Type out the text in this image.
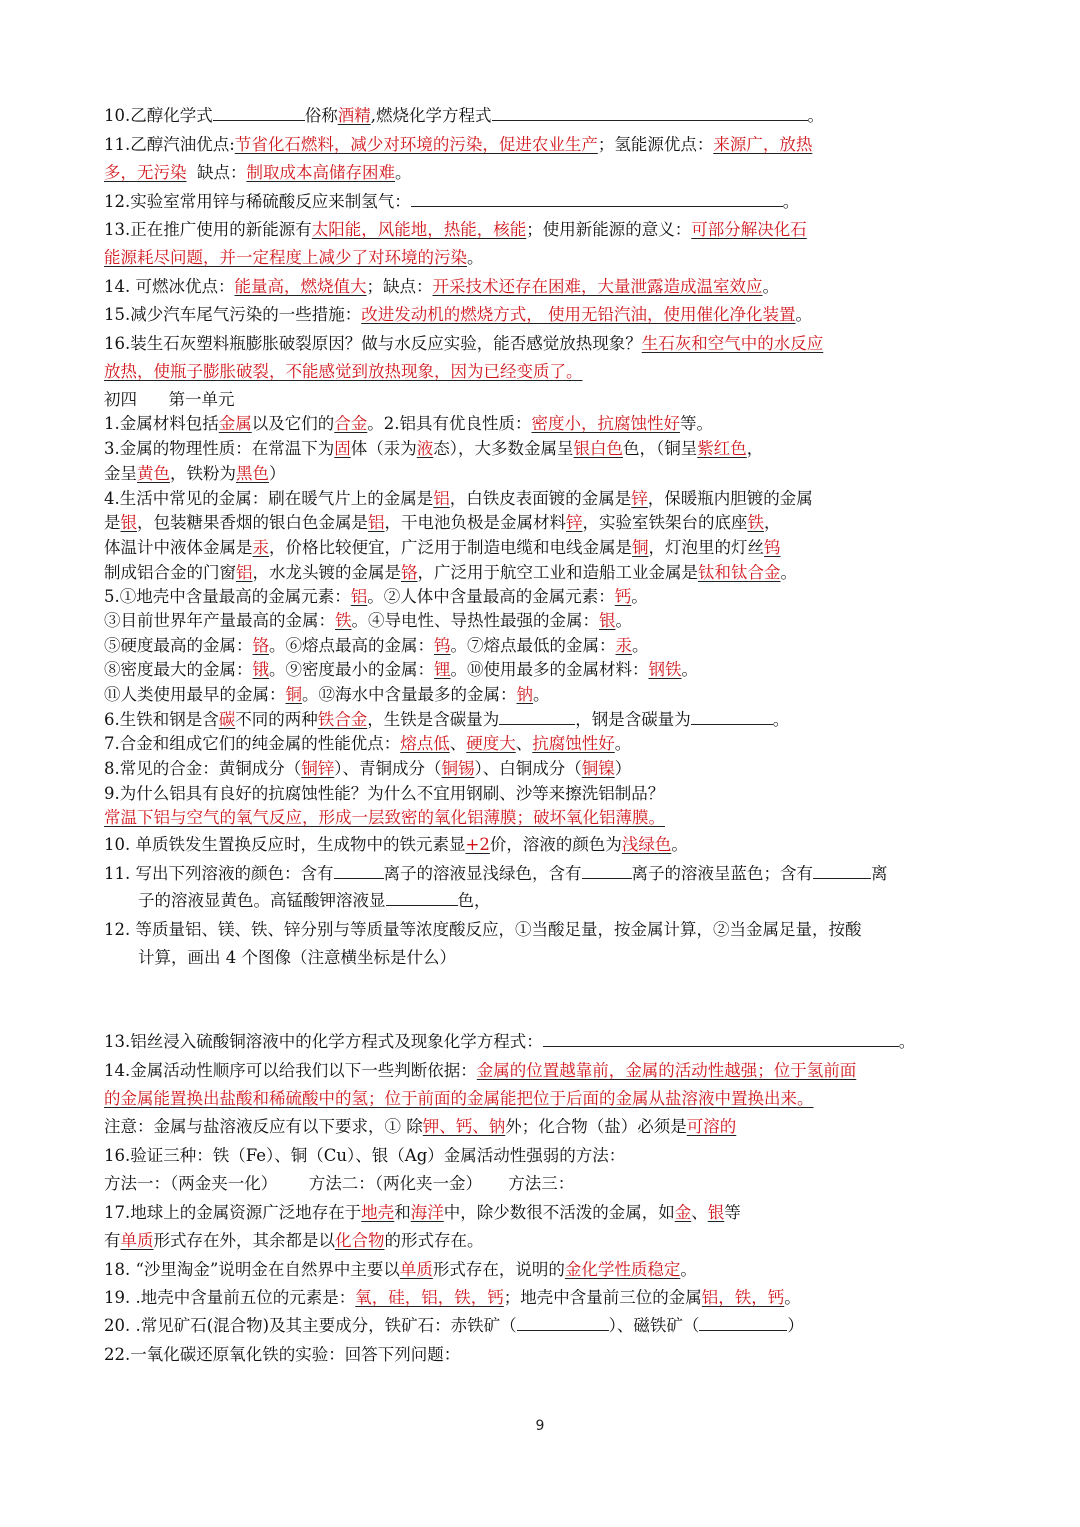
10.乙醇化学式	俗称酒精,燃烧化学方程式	。
11.乙醇汽油优点:节省化石燃料，减少对环境的污染，促进农业生产；氢能源优点：来源广，放热
多，无污染 缺点：制取成本高储存困难。
12.实验室常用锌与稀硫酸反应来制氢气：	。
13.正在推广使用的新能源有太阳能，风能地，热能，核能；使用新能源的意义：可部分解决化石
能源耗尽问题，并一定程度上减少了对环境的污染。
14. 可燃冰优点：能量高，燃烧值大；缺点：开采技术还存在困难，大量泄露造成温室效应。
15.减少汽车尾气污染的一些措施：改进发动机的燃烧方式， 使用无铅汽油，使用催化净化装置。
16.装生石灰塑料瓶膨胀破裂原因？做与水反应实验，能否感觉放热现象？生石灰和空气中的水反应
放热，使瓶子膨胀破裂，不能感觉到放热现象，因为已经变质了。
初四 第一单元
1.金属材料包括金属以及它们的合金。2.铝具有优良性质：密度小，抗腐蚀性好等。
3.金属的物理性质：在常温下为固体（汞为液态），大多数金属呈银白色色，（铜呈紫红色，
金呈黄色，铁粉为黑色）
4.生活中常见的金属：刷在暖气片上的金属是铝，白铁皮表面镀的金属是锌，保暖瓶内胆镀的金属
是银，包装糖果香烟的银白色金属是铝，干电池负极是金属材料锌，实验室铁架台的底座铁，
体温计中液体金属是汞，价格比较便宜，广泛用于制造电缆和电线金属是铜，灯泡里的灯丝钨
制成铝合金的门窗铝，水龙头镀的金属是铬，广泛用于航空工业和造船工业金属是钛和钛合金。
5.①地壳中含量最高的金属元素：铝。②人体中含量最高的金属元素：钙。
③目前世界年产量最高的金属：铁。④导电性、导热性最强的金属：银。
⑤硬度最高的金属：铬。⑥熔点最高的金属：钨。⑦熔点最低的金属：汞。
⑧密度最大的金属：锇。⑨密度最小的金属：锂。⑩使用最多的金属材料：钢铁。
⑪人类使用最早的金属：铜。⑫海水中含量最多的金属：钠。
6.生铁和钢是含碳不同的两种铁合金，生铁是含碳量为	，钢是含碳量为	。
7.合金和组成它们的纯金属的性能优点：熔点低、硬度大、抗腐蚀性好。
8.常见的合金：黄铜成分（铜锌）、青铜成分（铜锡）、白铜成分（铜镍）
9.为什么铝具有良好的抗腐蚀性能？为什么不宜用钢刷、沙等来擦洗铝制品？
常温下铝与空气的氧气反应，形成一层致密的氧化铝薄膜；破坏氧化铝薄膜。
10. 单质铁发生置换反应时，生成物中的铁元素显+2价，溶液的颜色为浅绿色。
11. 写出下列溶液的颜色：含有	离子的溶液显浅绿色，含有	离子的溶液呈蓝色；含有	离
子的溶液显黄色。高锰酸钾溶液显	色，
12. 等质量铝、镁、铁、锌分别与等质量等浓度酸反应，①当酸足量，按金属计算，②当金属足量，按酸
计算，画出 4 个图像（注意横坐标是什么）
13.铝丝浸入硫酸铜溶液中的化学方程式及现象化学方程式：	。
14.金属活动性顺序可以给我们以下一些判断依据：金属的位置越靠前，金属的活动性越强；位于氢前面
的金属能置换出盐酸和稀硫酸中的氢；位于前面的金属能把位于后面的金属从盐溶液中置换出来。
注意：金属与盐溶液反应有以下要求，① 除钾、钙、钠外；化合物（盐）必须是可溶的
16.验证三种：铁（Fe）、铜（Cu）、银（Ag）金属活动性强弱的方法：
方法一：（两金夹一化） 方法二：（两化夹一金） 方法三：
17.地球上的金属资源广泛地存在于地壳和海洋中，除少数很不活泼的金属，如金、银等
有单质形式存在外，其余都是以化合物的形式存在。
18. “沙里淘金”说明金在自然界中主要以单质形式存在，说明的金化学性质稳定。
19. .地壳中含量前五位的元素是：氧，硅，铝，铁，钙；地壳中含量前三位的金属铝，铁，钙。
20. .常见矿石(混合物)及其主要成分，铁矿石：赤铁矿（	）、磁铁矿（	）
22.一氧化碳还原氧化铁的实验：回答下列问题：
9
